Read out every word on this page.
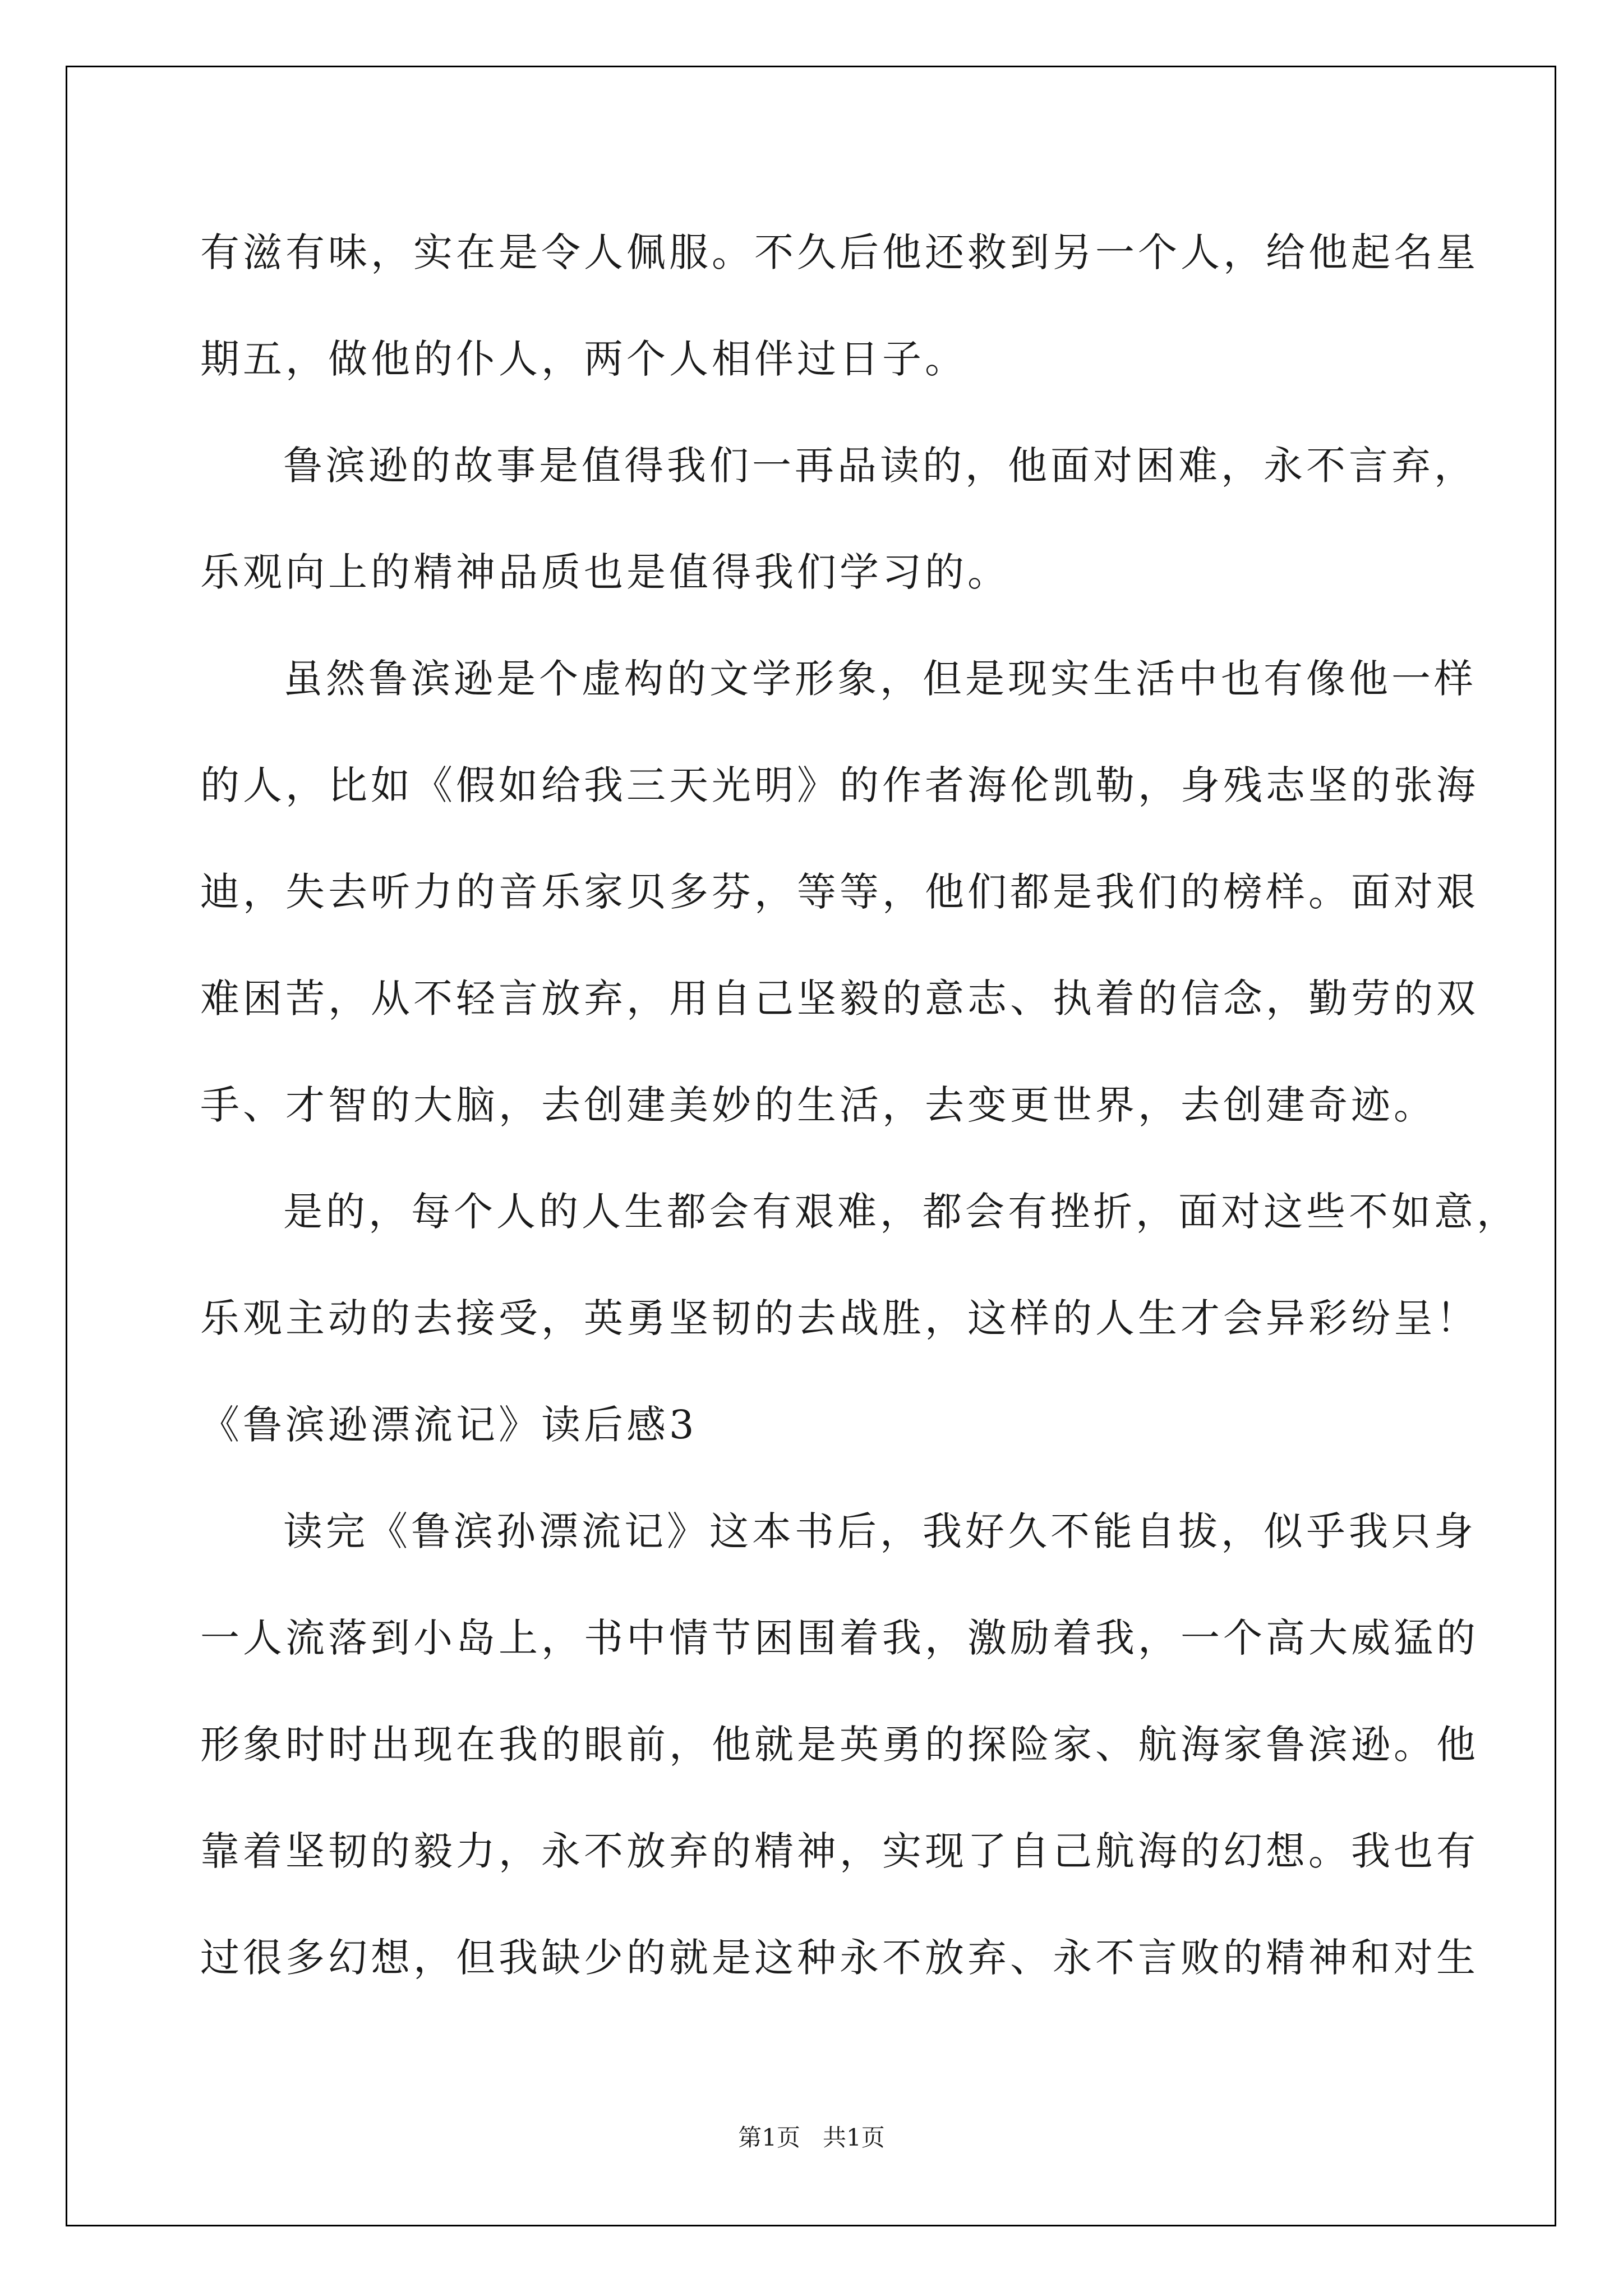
有滋有味，实在是令人佩服。不久后他还救到另一个人，给他起名星
期五，做他的仆人，两个人相伴过日子。
鲁滨逊的故事是值得我们一再品读的，他面对困难，永不言弃，
乐观向上的精神品质也是值得我们学习的。
虽然鲁滨逊是个虚构的文学形象，但是现实生活中也有像他一样
的人，比如《假如给我三天光明》的作者海伦凯勒，身残志坚的张海
迪，失去听力的音乐家贝多芬，等等，他们都是我们的榜样。面对艰
难困苦，从不轻言放弃，用自己坚毅的意志、执着的信念，勤劳的双
手、才智的大脑，去创建美妙的生活，去变更世界，去创建奇迹。
是的，每个人的人生都会有艰难，都会有挫折，面对这些不如意，
乐观主动的去接受，英勇坚韧的去战胜，这样的人生才会异彩纷呈！
《鲁滨逊漂流记》读后感3
读完《鲁滨孙漂流记》这本书后，我好久不能自拔，似乎我只身
一人流落到小岛上，书中情节困围着我，激励着我，一个高大威猛的
形象时时出现在我的眼前，他就是英勇的探险家、航海家鲁滨逊。他
靠着坚韧的毅力，永不放弃的精神，实现了自己航海的幻想。我也有
过很多幻想，但我缺少的就是这种永不放弃、永不言败的精神和对生
第1页   共1页
